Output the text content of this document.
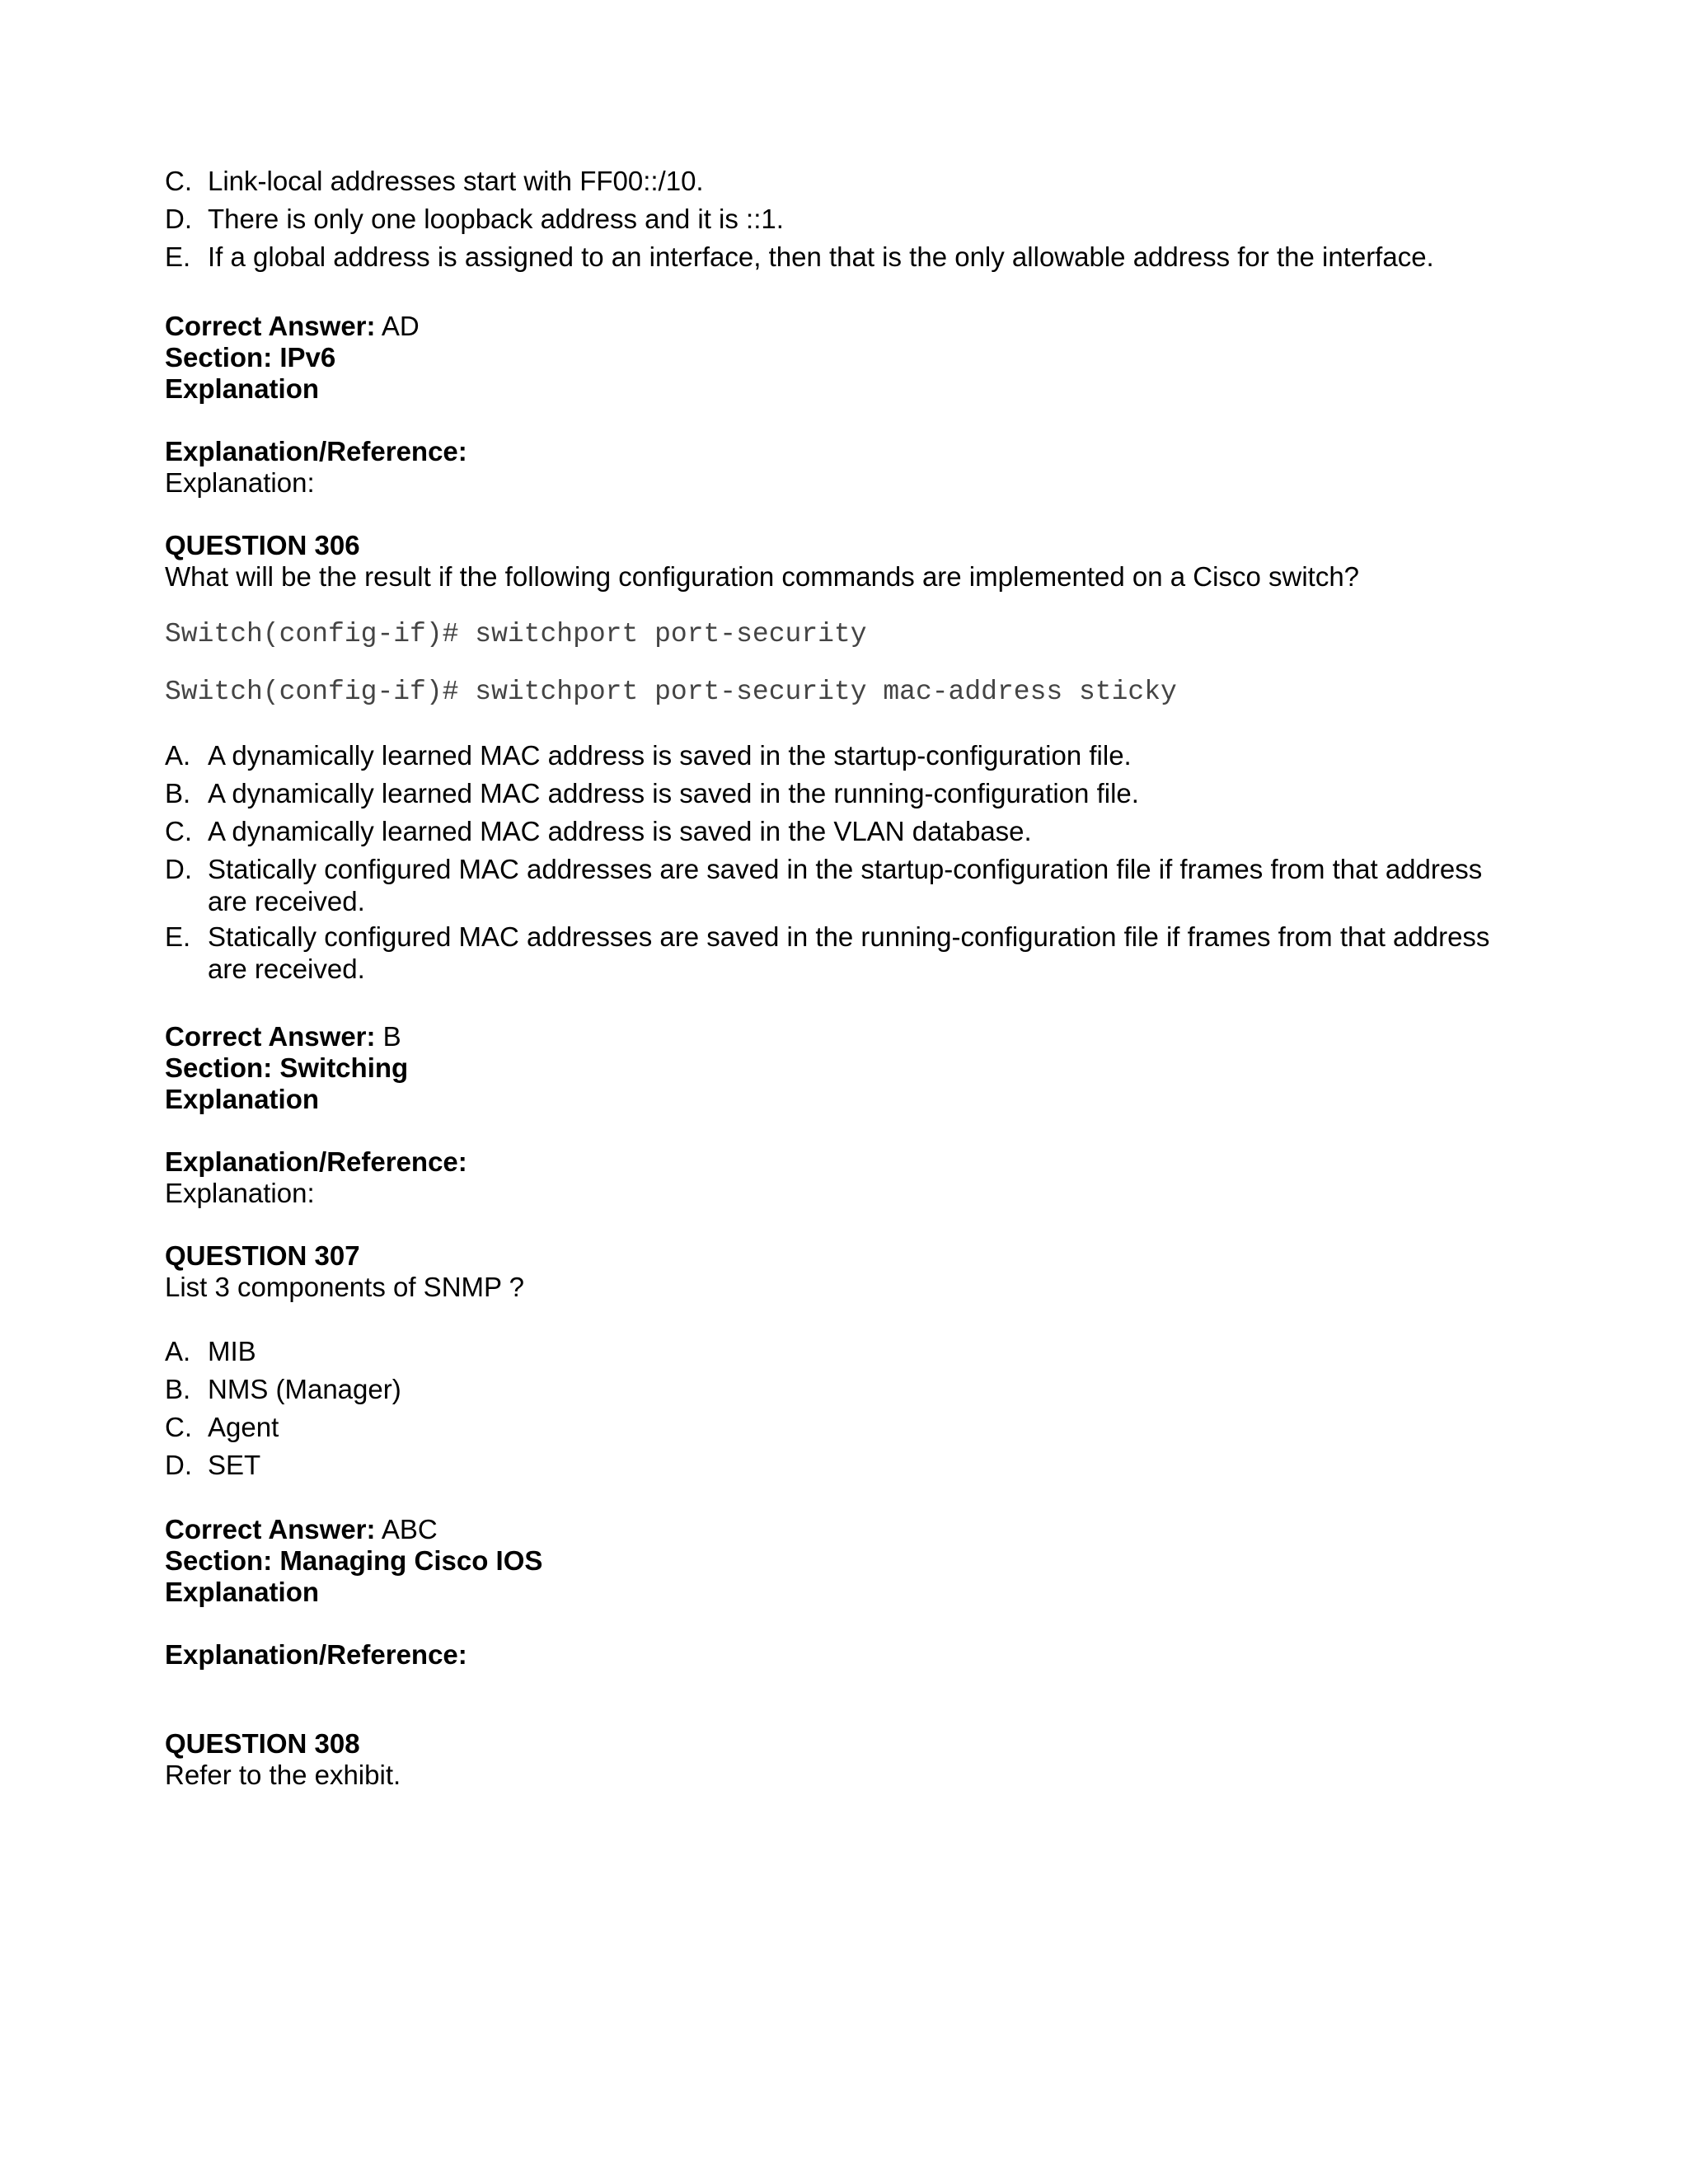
C. Link-local addresses start with FF00::/10.
D. There is only one loopback address and it is ::1.
E. If a global address is assigned to an interface, then that is the only allowable address for the interface.
Correct Answer: AD
Section: IPv6
Explanation
Explanation/Reference:
Explanation:
QUESTION 306
What will be the result if the following configuration commands are implemented on a Cisco switch?
Switch(config-if)# switchport port-security
Switch(config-if)# switchport port-security mac-address sticky
A. A dynamically learned MAC address is saved in the startup-configuration file.
B. A dynamically learned MAC address is saved in the running-configuration file.
C. A dynamically learned MAC address is saved in the VLAN database.
D. Statically configured MAC addresses are saved in the startup-configuration file if frames from that address are received.
E. Statically configured MAC addresses are saved in the running-configuration file if frames from that address are received.
Correct Answer: B
Section: Switching
Explanation
Explanation/Reference:
Explanation:
QUESTION 307
List 3 components of SNMP ?
A. MIB
B. NMS (Manager)
C. Agent
D. SET
Correct Answer: ABC
Section: Managing Cisco IOS
Explanation
Explanation/Reference:
QUESTION 308
Refer to the exhibit.
